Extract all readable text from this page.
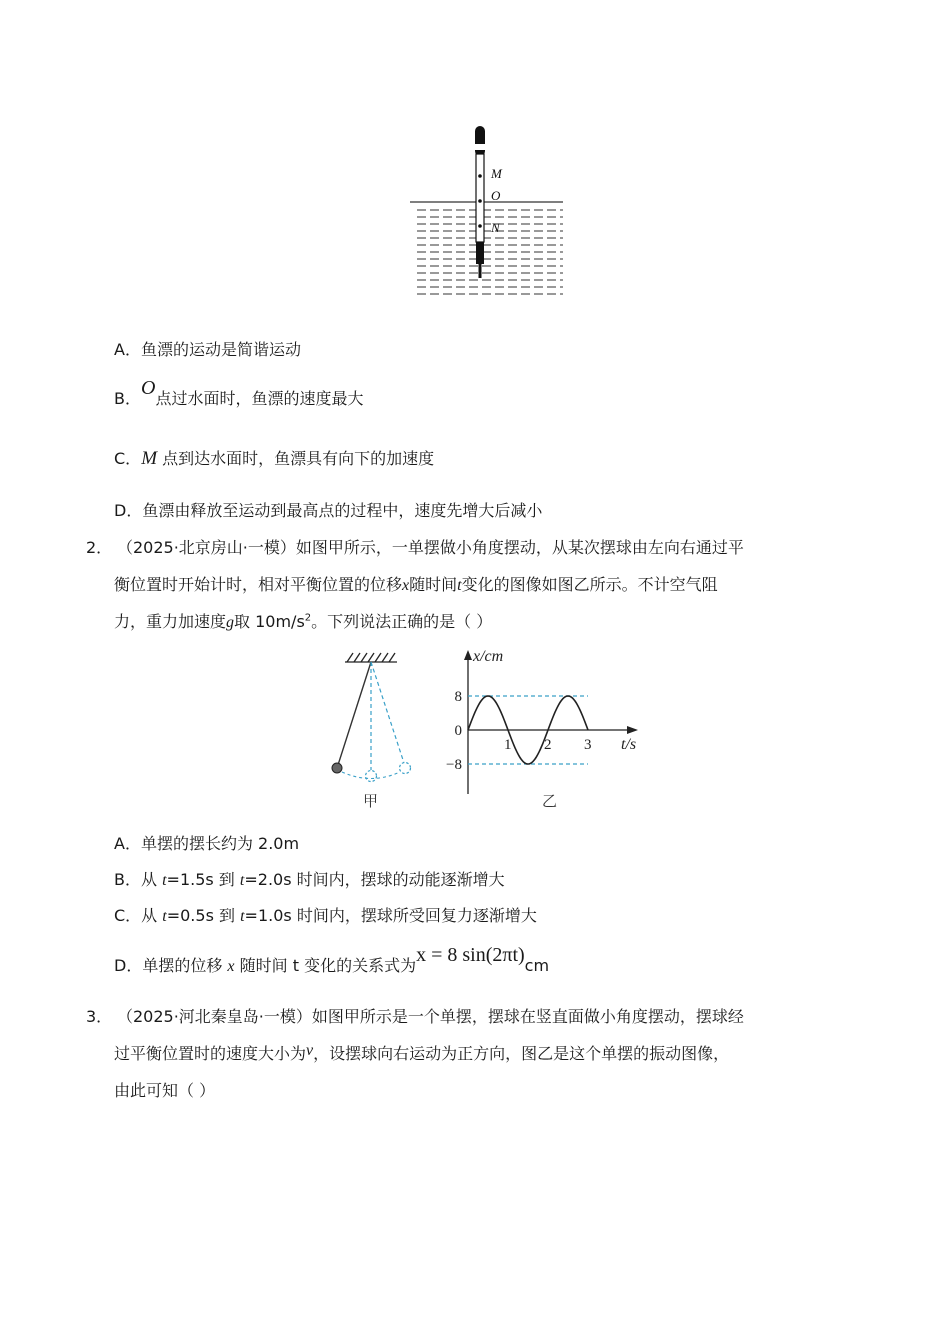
M
O
N
A．鱼漂的运动是简谐运动
B．O点过水面时，鱼漂的速度最大
C．M 点到达水面时，鱼漂具有向下的加速度
D．鱼漂由释放至运动到最高点的过程中，速度先增大后减小
2． （2025·北京房山·一模）如图甲所示，一单摆做小角度摆动，从某次摆球由左向右通过平
衡位置时开始计时，相对平衡位置的位移x随时间t变化的图像如图乙所示。不计空气阻
力，重力加速度g取 $10m/s^2$。下列说法正确的是（ ）
甲
1 2 3
8
0
−8
x/cm
t/s
乙
A．单摆的摆长约为 2.0m
B．从 t=1.5s 到 t=2.0s 时间内，摆球的动能逐渐增大
C．从 t=0.5s 到 t=1.0s 时间内，摆球所受回复力逐渐增大
D．单摆的位移 x 随时间 t 变化的关系式为x = 8 sin(2πt)cm
3． （2025·河北秦皇岛·一模）如图甲所示是一个单摆，摆球在竖直面做小角度摆动，摆球经
过平衡位置时的速度大小为v，设摆球向右运动为正方向，图乙是这个单摆的振动图像，
由此可知（ ）
